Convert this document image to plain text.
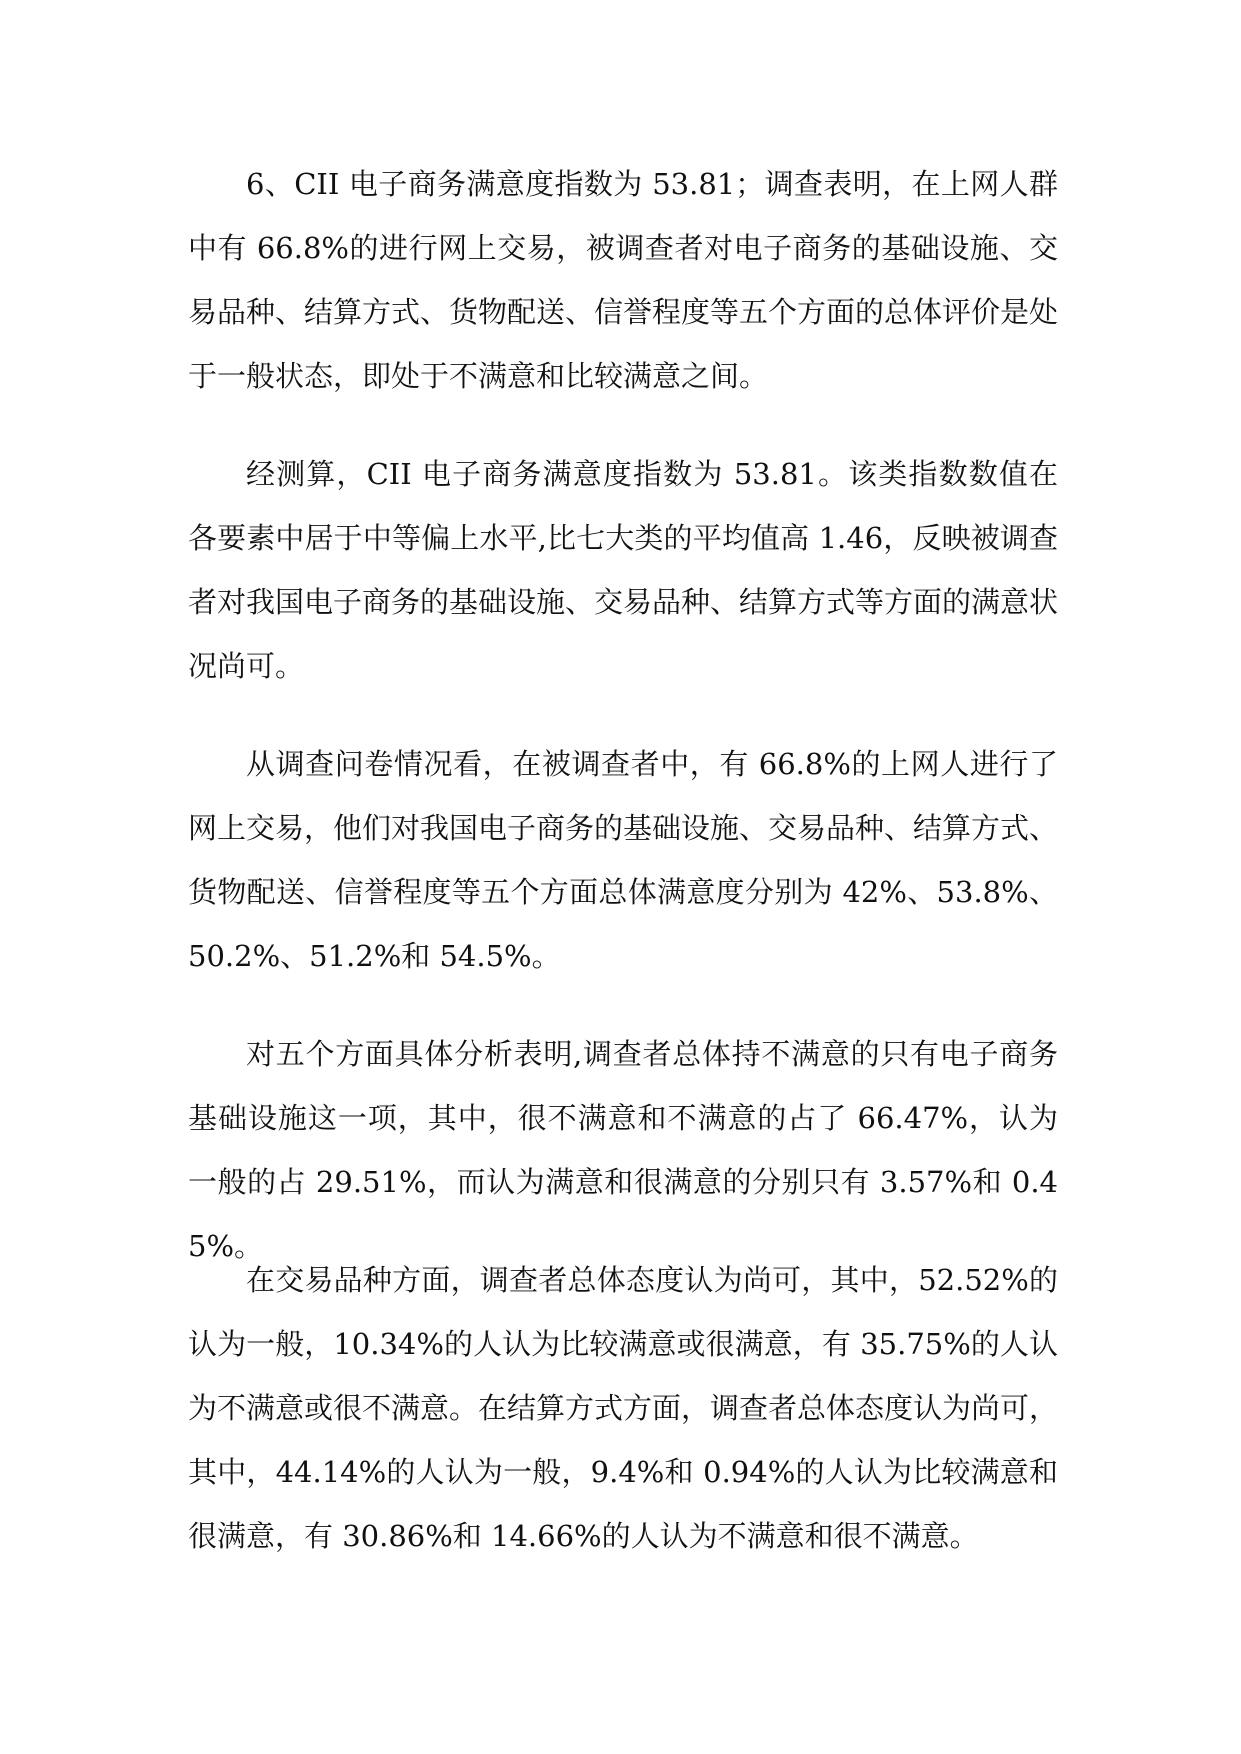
6、CII 电子商务满意度指数为 53.81；调查表明，在上网人群中有 66.8%的进行网上交易，被调查者对电子商务的基础设施、交易品种、结算方式、货物配送、信誉程度等五个方面的总体评价是处于一般状态，即处于不满意和比较满意之间。

经测算，CII 电子商务满意度指数为 53.81。该类指数数值在各要素中居于中等偏上水平,比七大类的平均值高 1.46，反映被调查者对我国电子商务的基础设施、交易品种、结算方式等方面的满意状况尚可。

从调查问卷情况看，在被调查者中，有 66.8%的上网人进行了网上交易，他们对我国电子商务的基础设施、交易品种、结算方式、货物配送、信誉程度等五个方面总体满意度分别为 42%、53.8%、50.2%、51.2%和 54.5%。

对五个方面具体分析表明,调查者总体持不满意的只有电子商务基础设施这一项，其中，很不满意和不满意的占了 66.47%，认为一般的占 29.51%，而认为满意和很满意的分别只有 3.57%和 0.45%。

在交易品种方面，调查者总体态度认为尚可，其中，52.52%的认为一般，10.34%的人认为比较满意或很满意，有 35.75%的人认为不满意或很不满意。在结算方式方面，调查者总体态度认为尚可，其中，44.14%的人认为一般，9.4%和 0.94%的人认为比较满意和很满意，有 30.86%和 14.66%的人认为不满意和很不满意。
